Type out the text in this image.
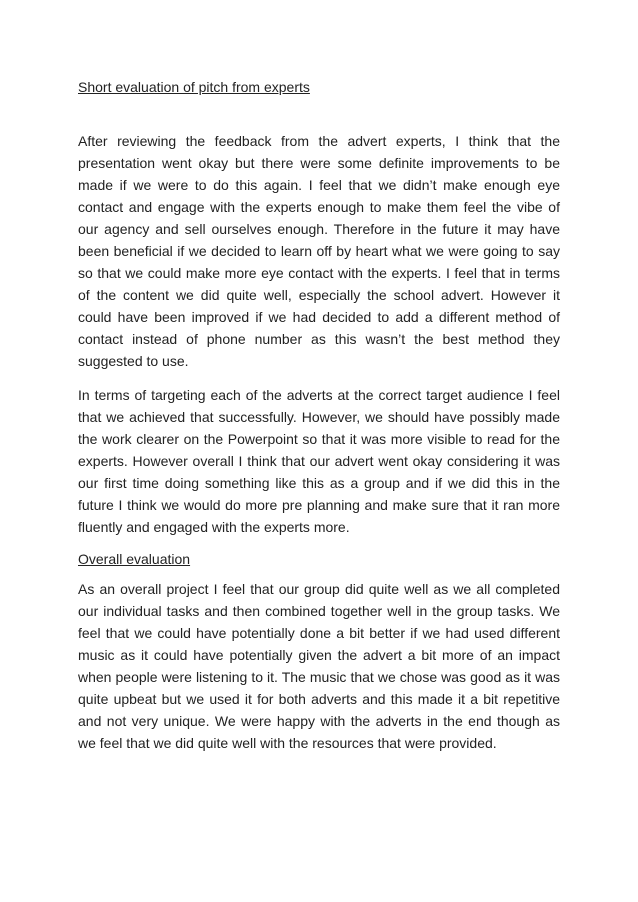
Short evaluation of pitch from experts

After reviewing the feedback from the advert experts, I think that the presentation went okay but there were some definite improvements to be made if we were to do this again. I feel that we didn’t make enough eye contact and engage with the experts enough to make them feel the vibe of our agency and sell ourselves enough. Therefore in the future it may have been beneficial if we decided to learn off by heart what we were going to say so that we could make more eye contact with the experts. I feel that in terms of the content we did quite well, especially the school advert. However it could have been improved if we had decided to add a different method of contact instead of phone number as this wasn’t the best method they suggested to use.

In terms of targeting each of the adverts at the correct target audience I feel that we achieved that successfully. However, we should have possibly made the work clearer on the Powerpoint so that it was more visible to read for the experts. However overall I think that our advert went okay considering it was our first time doing something like this as a group and if we did this in the future I think we would do more pre planning and make sure that it ran more fluently and engaged with the experts more.

Overall evaluation

As an overall project I feel that our group did quite well as we all completed our individual tasks and then combined together well in the group tasks. We feel that we could have potentially done a bit better if we had used different music as it could have potentially given the advert a bit more of an impact when people were listening to it. The music that we chose was good as it was quite upbeat but we used it for both adverts and this made it a bit repetitive and not very unique. We were happy with the adverts in the end though as we feel that we did quite well with the resources that were provided.
